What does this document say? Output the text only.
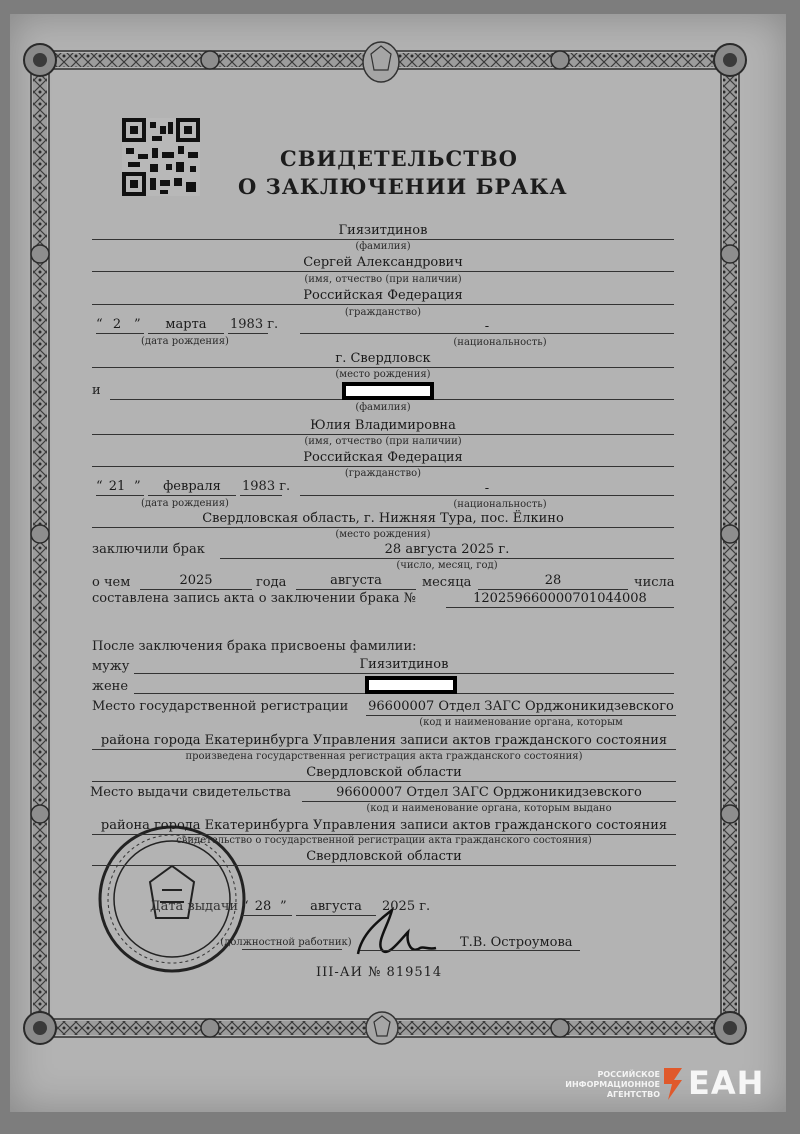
СВИДЕТЕЛЬСТВО
О ЗАКЛЮЧЕНИИ БРАКА
Гиязитдинов
(фамилия)
Сергей Александрович
(имя, отчество (при наличии)
Российская Федерация
(гражданство)
“ 2 ”	марта	1983 г.
(дата рождения)
-
(национальность)
г. Свердловск
(место рождения)
и
(фамилия)
Юлия Владимировна
(имя, отчество (при наличии)
Российская Федерация
(гражданство)
“ 21 ”	февраля	1983 г.
(дата рождения)
-
(национальность)
Свердловская область, г. Нижняя Тура, пос. Ёлкино
(место рождения)
заключили брак	28 августа 2025 г.
(число, месяц, год)
о чем	2025	года	августа	месяца	28	числа
составлена запись акта о заключении брака №	120259660000701044008
После заключения брака присвоены фамилии:
мужу	Гиязитдинов
жене
Место государственной регистрации 96600007 Отдел ЗАГС Орджоникидзевского
(код и наименование органа, которым
района города Екатеринбурга Управления записи актов гражданского состояния
произведена государственная регистрация акта гражданского состояния)
Свердловской области
Место выдачи свидетельства	96600007 Отдел ЗАГС Орджоникидзевского
(код и наименование органа, которым выдано
района города Екатеринбурга Управления записи актов гражданского состояния
свидетельство о государственной регистрации акта гражданского состояния)
Свердловской области
Дата выдачи “ 28 ”	августа	2025 г.
(должностной работник)	Т.В. Остроумова
III-АИ № 819514
РОССИЙСКОЕ
ИНФОРМАЦИОННОЕ
АГЕНТСТВО ЕАН
